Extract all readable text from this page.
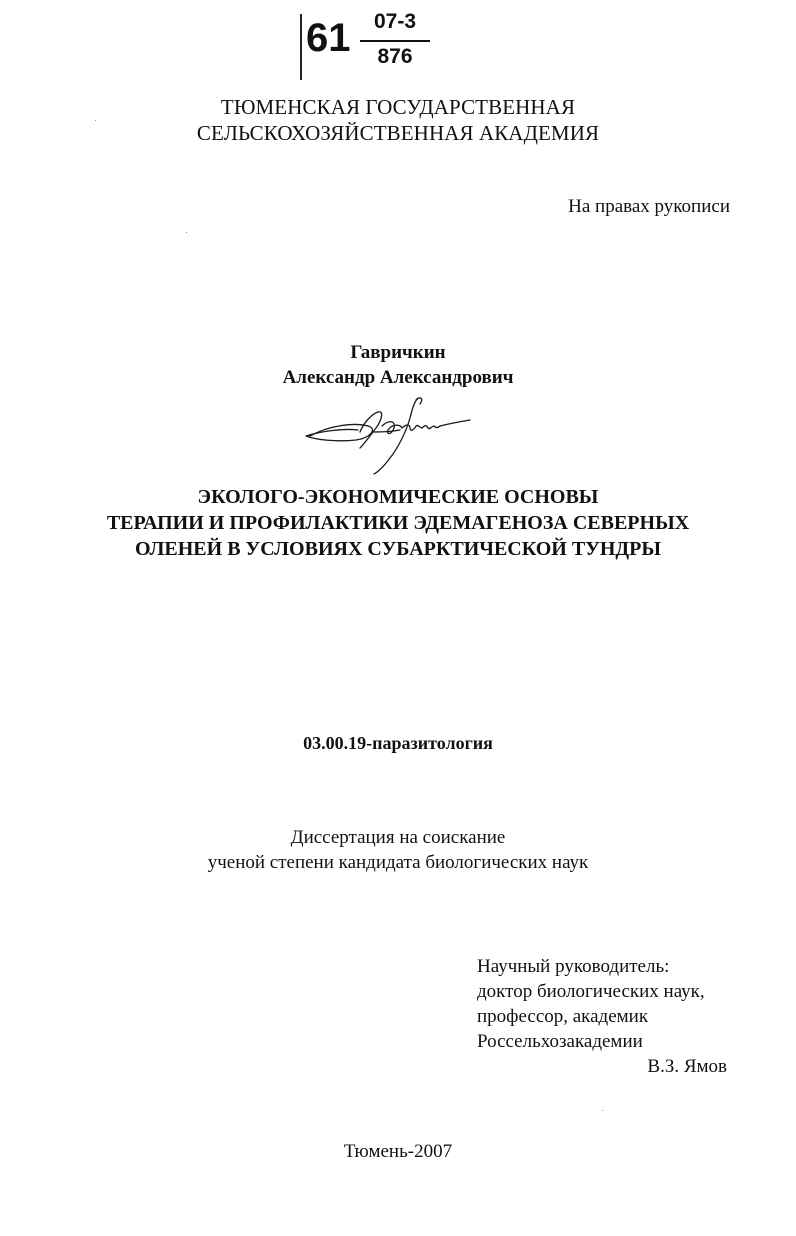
61 07-3
876
ТЮМЕНСКАЯ ГОСУДАРСТВЕННАЯ
СЕЛЬСКОХОЗЯЙСТВЕННАЯ АКАДЕМИЯ
На правах рукописи
Гавричкин
Александр Александрович
ЭКОЛОГО-ЭКОНОМИЧЕСКИЕ ОСНОВЫ
ТЕРАПИИ И ПРОФИЛАКТИКИ ЭДЕМАГЕНОЗА СЕВЕРНЫХ
ОЛЕНЕЙ В УСЛОВИЯХ СУБАРКТИЧЕСКОЙ ТУНДРЫ
03.00.19-паразитология
Диссертация на соискание
ученой степени кандидата биологических наук
Научный руководитель:
доктор биологических наук,
профессор, академик
Россельхозакадемии
В.З. Ямов
Тюмень-2007
